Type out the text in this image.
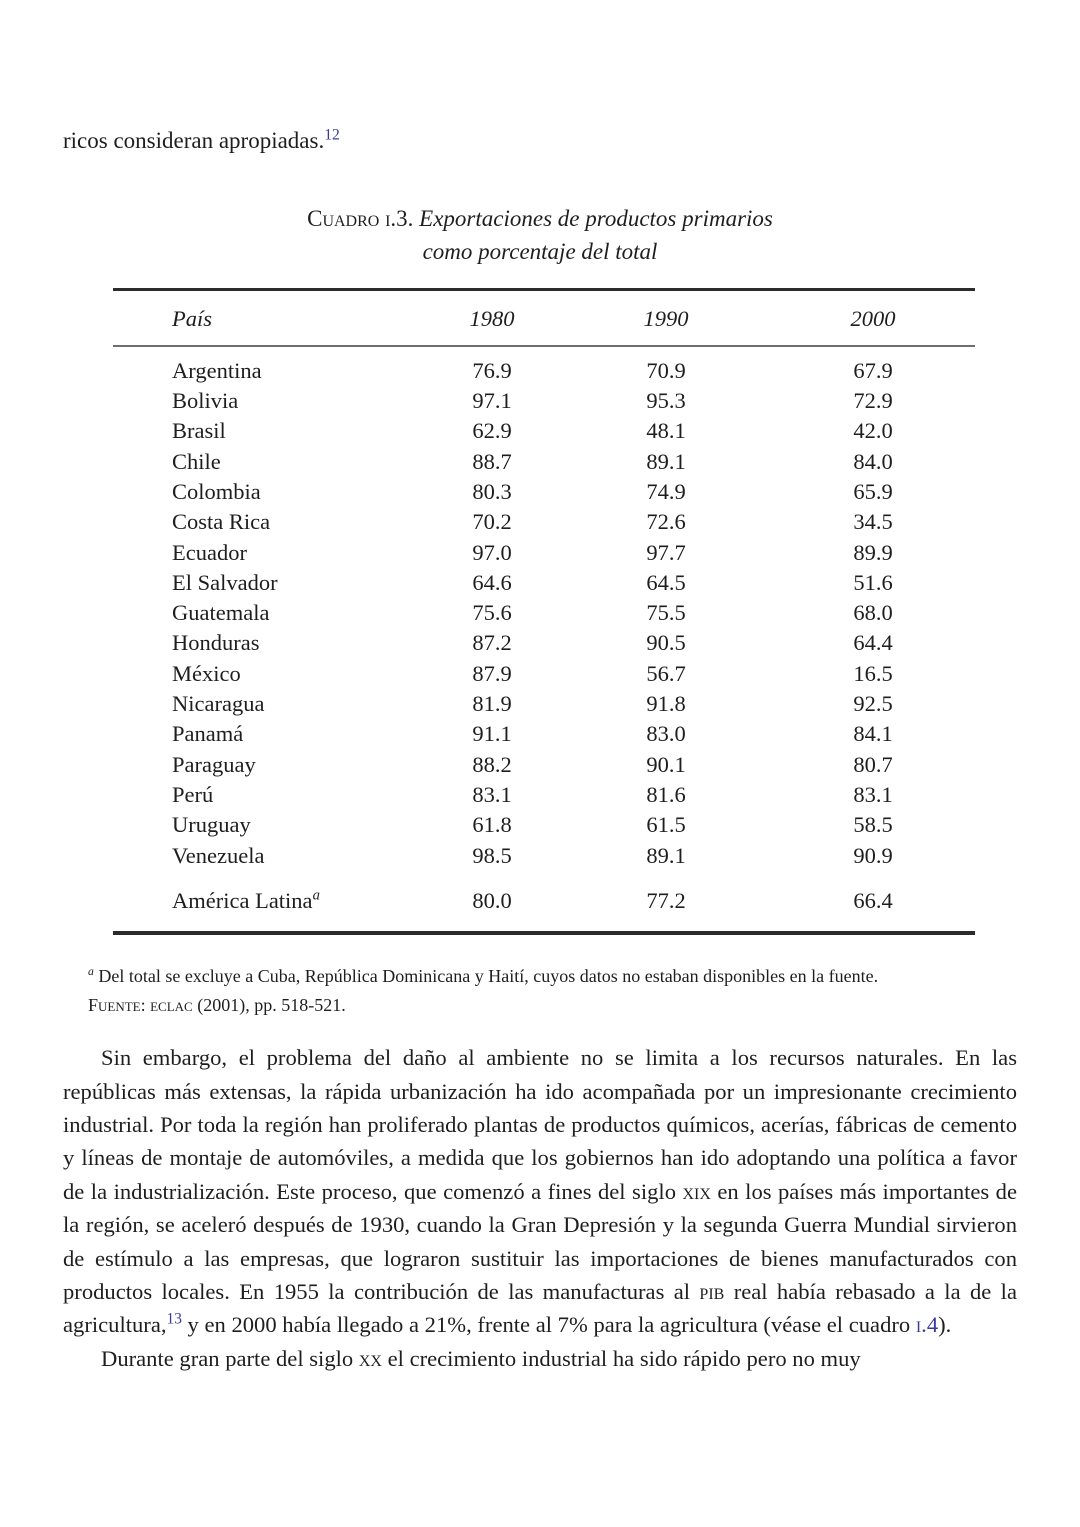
ricos consideran apropiadas.$^{12}$

Cuadro i.3. Exportaciones de productos primarios
como porcentaje del total
País	1980	1990	2000
Argentina	76.9	70.9	67.9
Bolivia	97.1	95.3	72.9
Brasil	62.9	48.1	42.0
Chile	88.7	89.1	84.0
Colombia	80.3	74.9	65.9
Costa Rica	70.2	72.6	34.5
Ecuador	97.0	97.7	89.9
El Salvador	64.6	64.5	51.6
Guatemala	75.6	75.5	68.0
Honduras	87.2	90.5	64.4
México	87.9	56.7	16.5
Nicaragua	81.9	91.8	92.5
Panamá	91.1	83.0	84.1
Paraguay	88.2	90.1	80.7
Perú	83.1	81.6	83.1
Uruguay	61.8	61.5	58.5
Venezuela	98.5	89.1	90.9
América Latina$^a$	80.0	77.2	66.4
$^a$ Del total se excluye a Cuba, República Dominicana y Haití, cuyos datos no estaban disponibles en la fuente.
Fuente: eclac (2001), pp. 518-521.

Sin embargo, el problema del daño al ambiente no se limita a los recursos naturales. En las repúblicas más extensas, la rápida urbanización ha ido acompañada por un impresionante crecimiento industrial. Por toda la región han proliferado plantas de productos químicos, acerías, fábricas de cemento y líneas de montaje de automóviles, a medida que los gobiernos han ido adoptando una política a favor de la industrialización. Este proceso, que comenzó a fines del siglo xix en los países más importantes de la región, se aceleró después de 1930, cuando la Gran Depresión y la segunda Guerra Mundial sirvieron de estímulo a las empresas, que lograron sustituir las importaciones de bienes manufacturados con productos locales. En 1955 la contribución de las manufacturas al pib real había rebasado a la de la agricultura,$^{13}$ y en 2000 había llegado a 21%, frente al 7% para la agricultura (véase el cuadro i.4).

Durante gran parte del siglo xx el crecimiento industrial ha sido rápido pero no muy
